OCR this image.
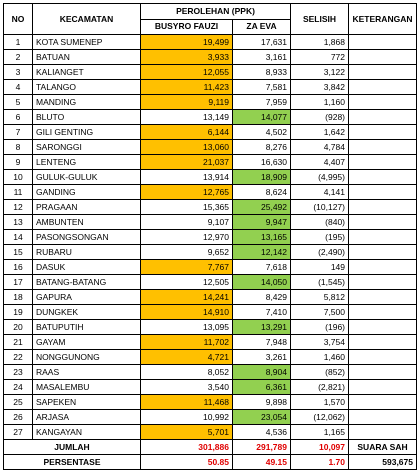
NO	KECAMATAN	PEROLEHAN (PPK)		SELISIH	KETERANGAN
		BUSYRO FAUZI	ZA EVA		
1	KOTA SUMENEP	19,499	17,631	1,868	
2	BATUAN	3,933	3,161	772	
3	KALIANGET	12,055	8,933	3,122	
4	TALANGO	11,423	7,581	3,842	
5	MANDING	9,119	7,959	1,160	
6	BLUTO	13,149	14,077	(928)	
7	GILI GENTING	6,144	4,502	1,642	
8	SARONGGI	13,060	8,276	4,784	
9	LENTENG	21,037	16,630	4,407	
10	GULUK-GULUK	13,914	18,909	(4,995)	
11	GANDING	12,765	8,624	4,141	
12	PRAGAAN	15,365	25,492	(10,127)	
13	AMBUNTEN	9,107	9,947	(840)	
14	PASONGSONGAN	12,970	13,165	(195)	
15	RUBARU	9,652	12,142	(2,490)	
16	DASUK	7,767	7,618	149	
17	BATANG-BATANG	12,505	14,050	(1,545)	
18	GAPURA	14,241	8,429	5,812	
19	DUNGKEK	14,910	7,410	7,500	
20	BATUPUTIH	13,095	13,291	(196)	
21	GAYAM	11,702	7,948	3,754	
22	NONGGUNONG	4,721	3,261	1,460	
23	RAAS	8,052	8,904	(852)	
24	MASALEMBU	3,540	6,361	(2,821)	
25	SAPEKEN	11,468	9,898	1,570	
26	ARJASA	10,992	23,054	(12,062)	
27	KANGAYAN	5,701	4,536	1,165	
JUMLAH		301,886	291,789	10,097	SUARA SAH
PERSENTASE		50.85	49.15	1.70	593,675
